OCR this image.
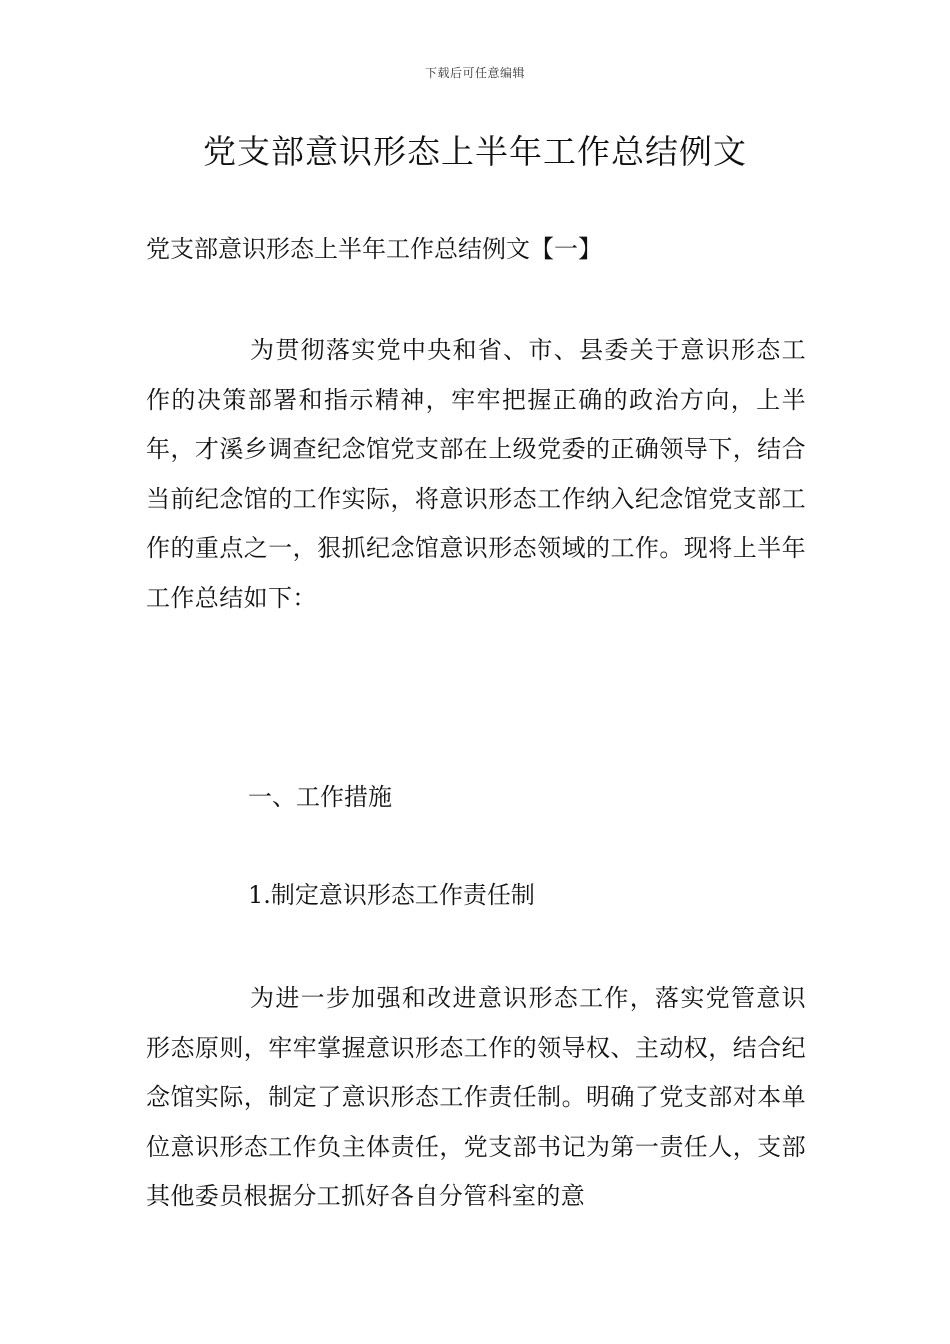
下载后可任意编辑
党支部意识形态上半年工作总结例文

党支部意识形态上半年工作总结例文【一】

为贯彻落实党中央和省、市、县委关于意识形态工作的决策部署和指示精神，牢牢把握正确的政治方向，上半年，才溪乡调查纪念馆党支部在上级党委的正确领导下，结合当前纪念馆的工作实际，将意识形态工作纳入纪念馆党支部工作的重点之一，狠抓纪念馆意识形态领域的工作。现将上半年工作总结如下：

一、工作措施

1.制定意识形态工作责任制

为进一步加强和改进意识形态工作，落实党管意识形态原则，牢牢掌握意识形态工作的领导权、主动权，结合纪念馆实际，制定了意识形态工作责任制。明确了党支部对本单位意识形态工作负主体责任，党支部书记为第一责任人，支部其他委员根据分工抓好各自分管科室的意
